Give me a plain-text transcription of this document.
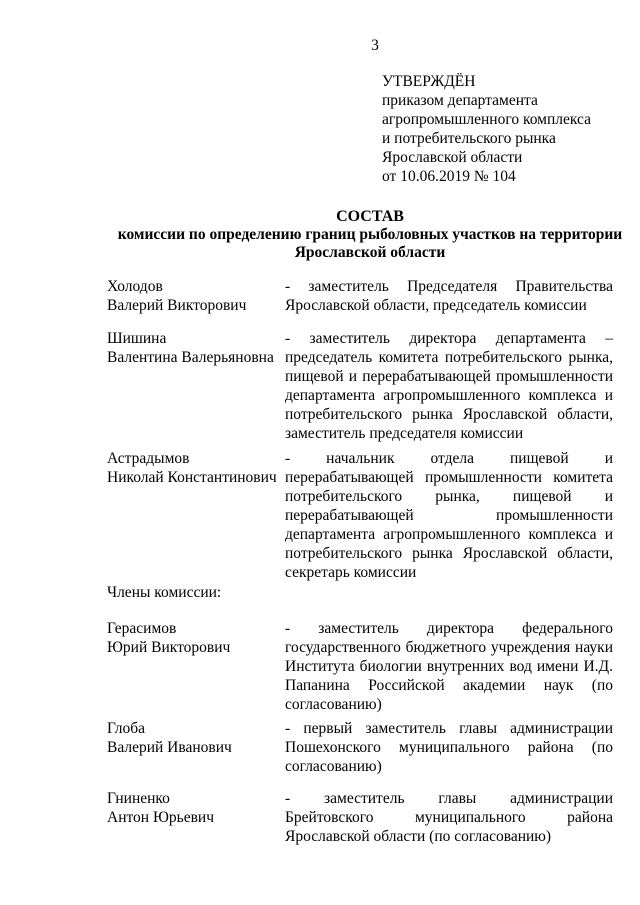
3
УТВЕРЖДЁН
приказом департамента
агропромышленного комплекса
и потребительского рынка
Ярославской области
от 10.06.2019 № 104
СОСТАВ
комиссии по определению границ рыболовных участков на территории
Ярославской области
Холодов
Валерий Викторович
- заместитель Председателя Правительства Ярославской области, председатель комиссии
Шишина
Валентина Валерьяновна
- заместитель директора департамента – председатель комитета потребительского рынка, пищевой и перерабатывающей промышленности департамента агропромышленного комплекса и потребительского рынка Ярославской области, заместитель председателя комиссии
Астрадымов
Николай Константинович
- начальник отдела пищевой и перерабатывающей промышленности комитета потребительского рынка, пищевой и перерабатывающей промышленности департамента агропромышленного комплекса и потребительского рынка Ярославской области, секретарь комиссии
Члены комиссии:
Герасимов
Юрий Викторович
- заместитель директора федерального государственного бюджетного учреждения науки Института биологии внутренних вод имени И.Д. Папанина Российской академии наук (по согласованию)
Глоба
Валерий Иванович
- первый заместитель главы администрации Пошехонского муниципального района (по согласованию)
Гниненко
Антон Юрьевич
- заместитель главы администрации Брейтовского муниципального района Ярославской области (по согласованию)
